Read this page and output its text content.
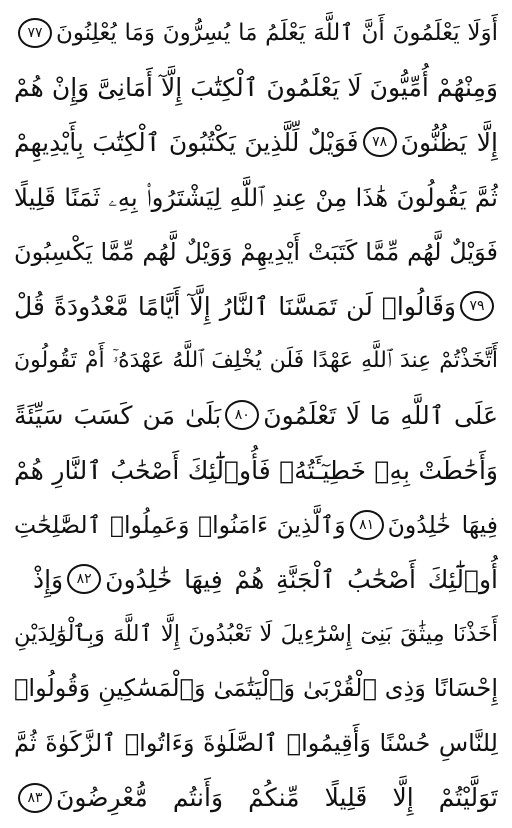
أَوَلَا يَعْلَمُونَ أَنَّ ٱللَّهَ يَعْلَمُ مَا يُسِرُّونَ وَمَا يُعْلِنُونَ
٧٧
وَمِنْهُمْ أُمِّيُّونَ لَا يَعْلَمُونَ ٱلْكِتَٰبَ إِلَّآ أَمَانِىَّ وَإِنْ هُمْ
إِلَّا يَظُنُّونَ
٧٨
فَوَيْلٌ لِّلَّذِينَ يَكْتُبُونَ ٱلْكِتَٰبَ بِأَيْدِيهِمْ
ثُمَّ يَقُولُونَ هَٰذَا مِنْ عِندِ ٱللَّهِ لِيَشْتَرُوا۟ بِهِۦ ثَمَنًا قَلِيلًا
فَوَيْلٌ لَّهُم مِّمَّا كَتَبَتْ أَيْدِيهِمْ وَوَيْلٌ لَّهُم مِّمَّا يَكْسِبُونَ
٧٩
وَقَالُوا۟ لَن تَمَسَّنَا ٱلنَّارُ إِلَّآ أَيَّامًا مَّعْدُودَةً قُلْ
أَتَّخَذْتُمْ عِندَ ٱللَّهِ عَهْدًا فَلَن يُخْلِفَ ٱللَّهُ عَهْدَهُۥٓ أَمْ تَقُولُونَ
عَلَى ٱللَّهِ مَا لَا تَعْلَمُونَ
٨٠
بَلَىٰ مَن كَسَبَ سَيِّئَةً
وَأَحَٰطَتْ بِهِۦ خَطِيٓـَٔتُهُۥ فَأُو۟لَٰٓئِكَ أَصْحَٰبُ ٱلنَّارِ هُمْ
فِيهَا خَٰلِدُونَ
٨١
وَٱلَّذِينَ ءَامَنُوا۟ وَعَمِلُوا۟ ٱلصَّٰلِحَٰتِ
أُو۟لَٰٓئِكَ أَصْحَٰبُ ٱلْجَنَّةِ هُمْ فِيهَا خَٰلِدُونَ
٨٢
وَإِذْ
أَخَذْنَا مِيثَٰقَ بَنِىٓ إِسْرَٰٓءِيلَ لَا تَعْبُدُونَ إِلَّا ٱللَّهَ وَبِٱلْوَٰلِدَيْنِ
إِحْسَانًا وَذِى ٱلْقُرْبَىٰ وَٱلْيَتَٰمَىٰ وَٱلْمَسَٰكِينِ وَقُولُوا۟
لِلنَّاسِ حُسْنًا وَأَقِيمُوا۟ ٱلصَّلَوٰةَ وَءَاتُوا۟ ٱلزَّكَوٰةَ ثُمَّ
تَوَلَّيْتُمْ إِلَّا قَلِيلًا مِّنكُمْ وَأَنتُم مُّعْرِضُونَ
٨٣
